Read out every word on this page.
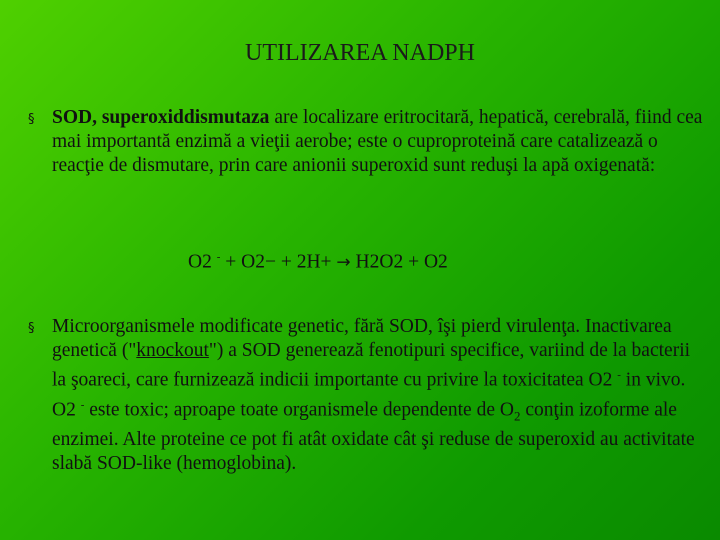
UTILIZAREA NADPH
§ SOD, superoxiddismutaza are localizare eritrocitară, hepatică, cerebrală, fiind cea mai importantă enzimă a vieţii aerobe; este o cuproproteină care catalizează o reacţie de dismutare, prin care anionii superoxid sunt reduşi la apă oxigenată:
O2 - + O2− + 2H+ → H2O2 + O2
§ Microorganismele modificate genetic, fără SOD, îşi pierd virulenţa. Inactivarea genetică ("knockout") a SOD generează fenotipuri specifice, variind de la bacterii la şoareci, care furnizează indicii importante cu privire la toxicitatea O2 - in vivo. O2 - este toxic; aproape toate organismele dependente de $O_2$ conţin izoforme ale enzimei. Alte proteine ce pot fi atât oxidate cât şi reduse de superoxid au activitate slabă SOD-like (hemoglobina).
